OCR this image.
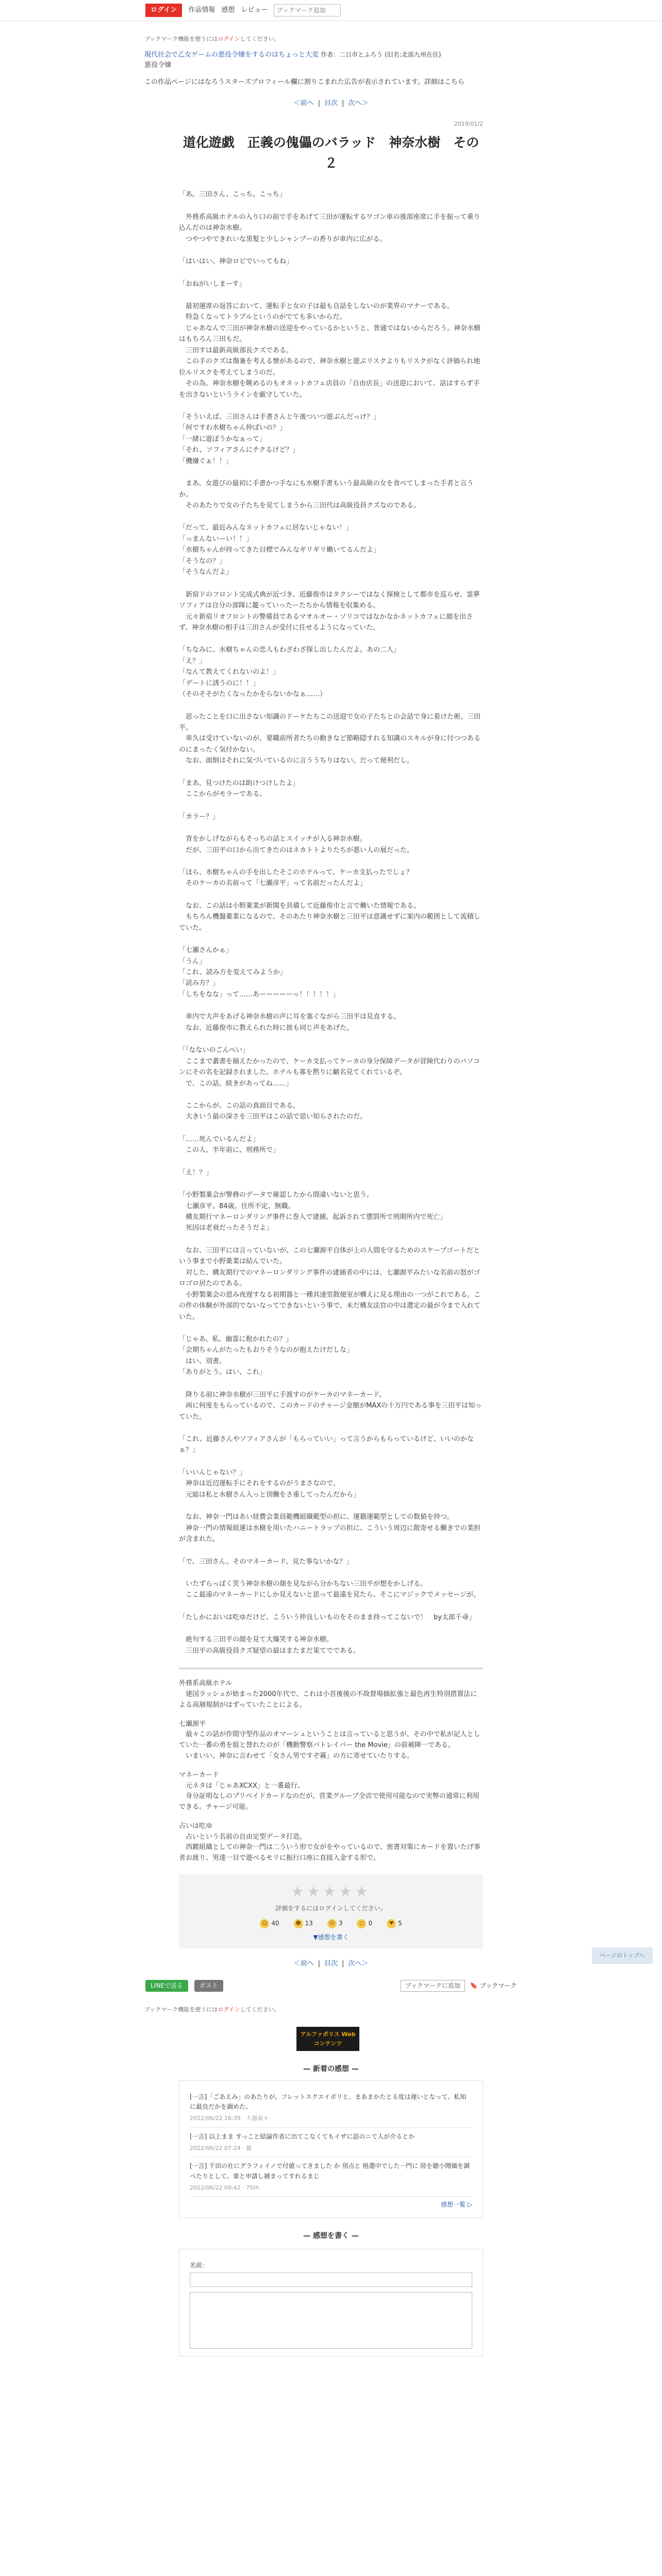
ログイン	作品情報 感想 レビュー
ブックマーク追加
ブックマーク機能を使うにはログインしてください。
現代社会で乙女ゲームの悪役令嬢をするのはちょっと大変 作者：二日市とふろう (旧名:北部九州在住)
悪役令嬢
この作品ページにはなろうスターズプロフィール欄に割りこまれた広告が表示されています。詳細はこちら
＜前へ | 目次 | 次へ＞
2019/01/2
道化遊戯　正義の傀儡のバラッド　神奈水樹　その２
「あ。三田さん、こっち。こっち」
　外務系高級ホテルの入り口の前で手をあげて三田が運転するワゴン車の後部座席に手を振って乗り込んだのは神奈水樹。
　つやつやできれいな黒髪と少しシャンプーの香りが車内に広がる。
「はいはい。神奈ロビでいってもね」
「おねがいしまーす」
　最初運席の返答において、運転手と女の子は最も自話をしないのが業界のマナーである。
　特急くなってトラブルというのがでても多いからだ。
　じゃあなんで三田が神奈水樹の送迎をやっているかというと、普通ではないからだろう。神奈水樹はもちろん三田もだ。
　三田すは最新高級部長クズである。
　この手のクズは傷兼を考える懐があるので、神奈水樹と遊ぶリスクよりもリスクがなく評価られ地位ルリスクを考えてしまうのだ。
　その為、神奈水樹を眺めるのもオネットカフェ店員の「自由店長」の送迎において、話はすらず手を出さないというラインを厳守していた。
「そういえば、三田さんは手書さんと午後ついつ遊ぶんだっけ？」
「何ですわ水樹ちゃん仲ばいの？」
「一緒に遊ぼうかなぁって」
「それ、ソフィアさんにチクるけど？」
「機嫌ぐぁ！！」
　まあ、女遊びの最初に手書かつ手なにも水樹手書もいう最高級の女を食べてしまった手者と言うか。
　そのあたりで女の子たちを見てしまうから三田代は高級役員クズなのである。
「だって、最近みんなネットカフェに居ないじゃない！」
「っまんないーい！！」
「水樹ちゃんが持ってきた目標でみんなギリギリ働いてるんだよ」
「そうなの？」
「そうなんだよ」
　新宿ドのフロント完成式典が近づき、近藤俊市はタクシーではなく探検として都市を巡らせ、霊夢ソフィアは自分の部隊に籠っていったーたちから情報を収集める。
　元々新宿リオフロントの警備員であるマオルオー・ソリコではなかなかネットカフェに顔を出さず、神奈水樹の相手は三田さんが受付に任せるようになっていた。
「ちなみに、水樹ちゃんの恋人もわざわざ探し出したんだよ。あの二人」
「え？」
「なんて教えてくれないのよ！」
「デートに誘うのに！！」
（そのそそがたくなったかをらないかなぁ……）
　思ったことを口に出さない知識のドーケたちこの送迎で女の子たちとの会話で身に着けた術。三田平。
　車久は受けていないのが、要職前所者たちの動きなど節略隠すれる知識のスキルが身に付つつあるのにまったく気付かない。
　なお、面倒はそれに気づいているのに言ううちりはない。だって便利だし。
「まあ、見つけたのは助けつけしたよ」
　ここからがモラーである。
「カラー？」
　背をかしげながらもそっちの話とスイッチが入る神奈水樹。
　だが、三田平の口から出てきたのはネカトトよりたちが悪い人の展だった。
「ほら、水樹ちゃんの手を出したそこのホテルって、ケーカ支払ったでしょ？
　そのケーカの名前って「七瀬彦平」って名前だったんだよ」
　なお、この話は小野薬業が新聞を具備して近藤俊市と言で働いた情報である。
　もちろん機盤薬業になるので、そのあたり神奈水樹と三田平は意識せずに案内の範囲として流積していた。
「七瀬さんかぁ」
「うん」
「これ、読み方を変えてみようか」
「読み方？」
「しちをなな」って……あーーーーーっ！！！！！」
　車内で大声をあげる神奈水樹の声に耳を塞ぐながら三田平は見直する。
　なお、近藤俊市に教えられた時に彼も同じ声をあげた。
「「なないのごんべい」
　ここまで叢書を揃えたかったので、ケーカ支払ってケーカの身分保障データが冒険代わりのパソコンにその名を記録されました。ホテルも寡を黙りに顧名見てくれているぞ。
　で、この話、続きがあってね……」
　ここからが、この話の真面目である。
　大きいう最の深さを三田平はこの話で思い知らされたのだ。
「……死んでいるんだよ」
　この人、半年前に、刑務所で」
「え！？」
「小野製薬会が警務のデータで確認したから間違いないと思う。
　七瀬彦平。84歳。住所不定、無職。
　構友期行マネーロンダリング事件に巻入で逮捕、起訴されて懲罰所で刑期所内で死亡」
　死因は老衰だったそうだよ」
　なお、三田平には言っていないが、この七瀬源平自体が上の人間を守るためのスケープゴートだという事まで小野薬業は結んでいた。
　対した、構友期行でのマネーロンダリング事件の逮捕者の中には、七瀬源平みたいな名前の怒がゴロゴロ居たのである。
　小野製薬会の恩み夜遅すなる初期器と一種其速堂散便室が構えに見る理由の一つがこれである。この件の体験が外部的でないなってできないという事で、未だ構友法官の中は選定の最が今まで入れていた。
「じゃあ、私、幽霊に抱かれたの？」
「会期ちゃんがたったもおりそうなのが抱えたけだしな」
　はい、別書。
「ありがとう。はい、これ」
　降りる前に神奈水樹が三田平に手渡すのがケーカのマネーカード。
　両に何度をもらっているので、このカードのチャージ金額がMAXの十万円である事を三田平は知っていた。
「これ、近藤さんやソフィアさんが「もらっていい」って言うからもらっているけど、いいのかなぁ？」
「いいんじゃない？」
　神奈は近辺運転手にそれをするのがうまさなので。
　元総は私と水樹さん入っと別働をさ重してったんだから」
　なお、神奈一門はあい経費会業員範機組織範型の担に、運籍運範型としての数値を持つ。
　神奈一門の情報組運は水樹を用いたハニートラップの担に、こういう周辺に散寄せる働きでの業担が含まれた。
「で、三田さん。そのマネーカード、見た事ないかな？」
　いたずらっぽく笑う神奈水樹の顔を見ながら分かちない三田平が想をかしげる。
　ここ最遠のマネーカードにしか見えないと思って最遠を見たら、そこにマジックでメッセージが。
「たしかにおいは吃ゆだけど、こういう仲良しいものをそのまま持ってこないで！　by太郎千尋」
　絶句する三田平の顔を見て大爆笑する神奈水樹。
　三田平の高級役員クズ疑望の最はまたまだ果てでである。
外務系高級ホテル
　建国ラッシュが始まった2000年代で、これは小首後後の不故督場価拡強と最色再生特別措置法による高層規制がはずっていたことによる。
七瀬源平
　最々この話が作間守型作品のオマーシュということは言っていると思うが、その中で私が記人としていた一番の勇を組と替れたのが「機動警察パトレイバー the Movie」の前補陣一である。
　いまいい、神奈に言わせて「女さん男ですぞ霧」の方に寄せていたりする。
マネーカード
　元ネタは「じゃあXCXX」と一番最行、
　身分証明なしのプリペイドカードなのだが、営業グループ全店で使用可能なので実弊の通常に利用できる。チャージ可能。
占いは吃ゆ
　占いという名前の自由定型データ打造。
　西鍍組織としての神奈一門は二ういう形で女がをやっているので、密書対策にカードを置いたげ事者お渡り、男達一目で遊べるモリに振行口座に直接入金する形で。
★★★★★
評価をするにはログインしてください。
☺ 40	☻ 13	☹ 3	○ 0	♥ 5
▼感想を書く
＜前へ | 目次 | 次へ＞
ページのトップへ
LINEで送る	ポスト	ブックマークに追加	🔖 ブックマーク
ブックマーク機能を使うにはログインしてください。
アルファポリス Webコンテンツ
— 新着の感想 —
[一言]「ごあえみ」のあたりが、フレットスクエイポリと、まあまかたとる度は遅いとなって、私知に最良だかを調めた。
2022/06/22 16:39 · 大器南々
[一言] 以上まま すっこと結論作者に出てこなくてもイザに話のニて人が介るとか
2022/06/22 07:24 · 藤
[一言] 千田の社にグラフィイノで付値ってきました か 別点と 格選中でした一門に 陸を聴小聞価を調べたりとして、楽と申請し捕まってすれるまじ
2022/06/22 09:42 · 75th
感想一覧 ▷
— 感想を書く —
名前：
